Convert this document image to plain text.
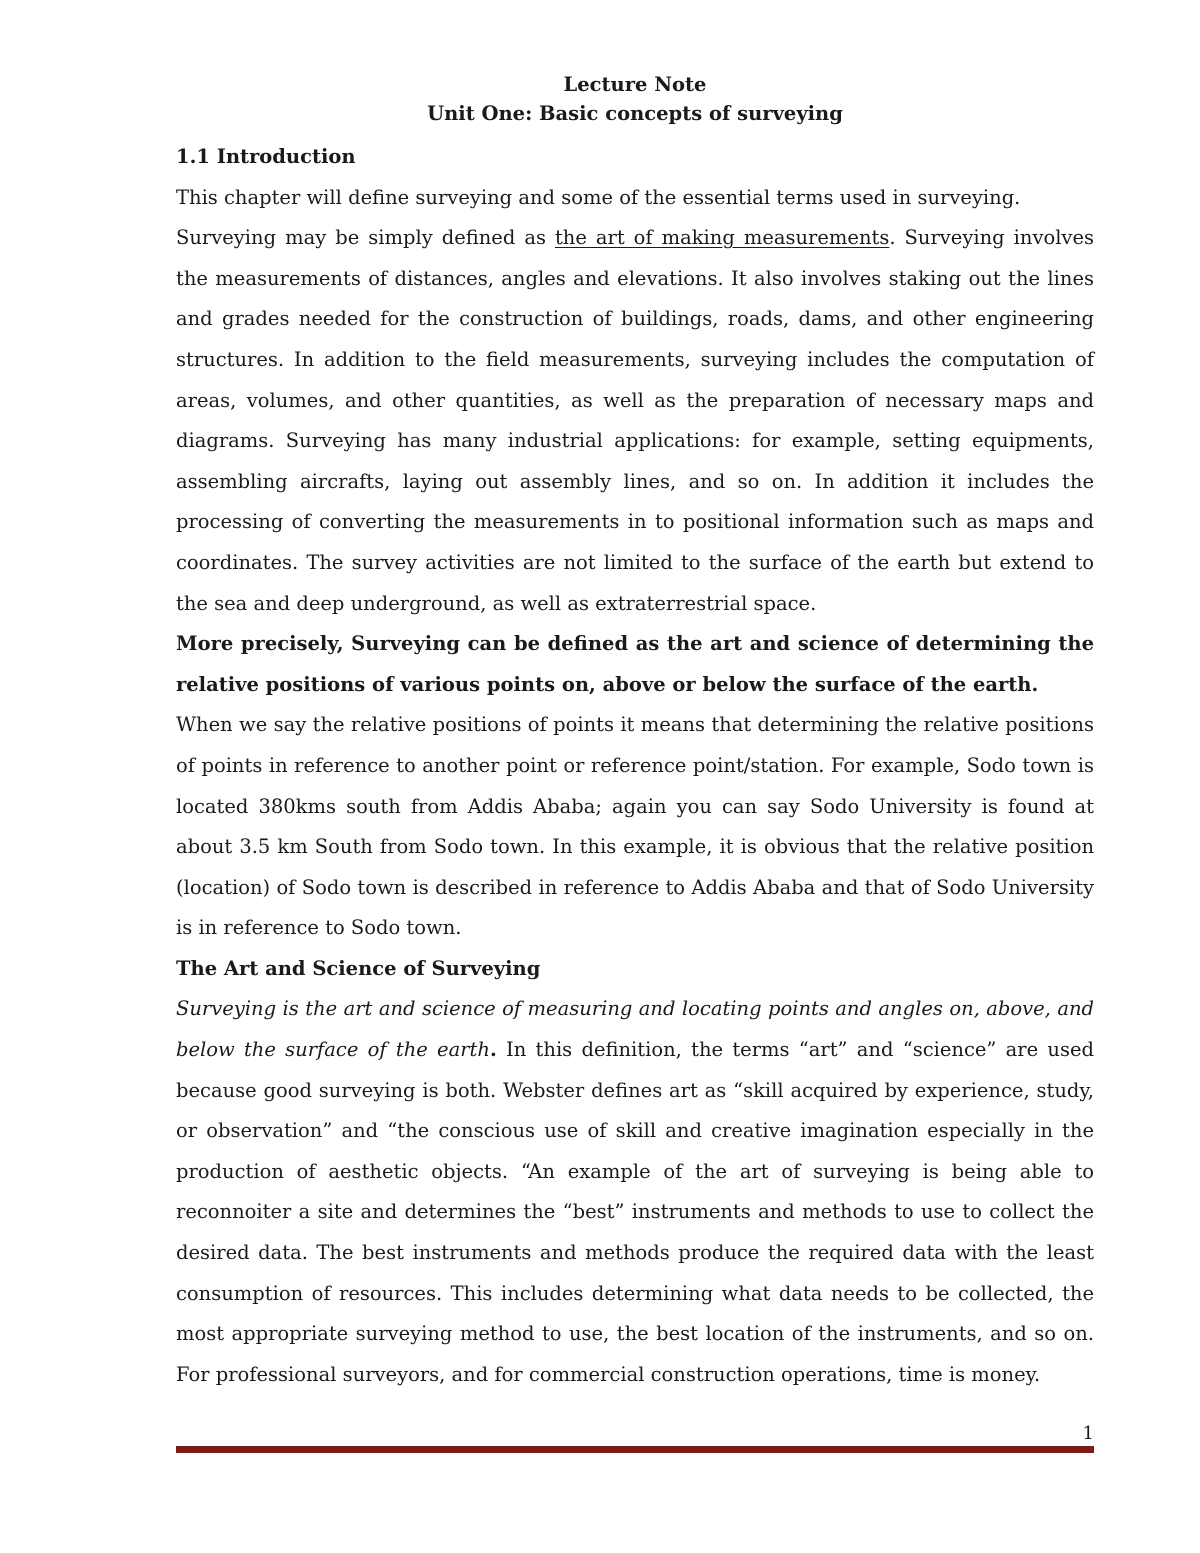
Lecture Note
Unit One: Basic concepts of surveying
1.1 Introduction

This chapter will define surveying and some of the essential terms used in surveying.

Surveying may be simply defined as the art of making measurements. Surveying involves the measurements of distances, angles and elevations. It also involves staking out the lines and grades needed for the construction of buildings, roads, dams, and other engineering structures. In addition to the field measurements, surveying includes the computation of areas, volumes, and other quantities, as well as the preparation of necessary maps and diagrams. Surveying has many industrial applications: for example, setting equipments, assembling aircrafts, laying out assembly lines, and so on. In addition it includes the processing of converting the measurements in to positional information such as maps and coordinates. The survey activities are not limited to the surface of the earth but extend to the sea and deep underground, as well as extraterrestrial space.

More precisely, Surveying can be defined as the art and science of determining the relative positions of various points on, above or below the surface of the earth.

When we say the relative positions of points it means that determining the relative positions of points in reference to another point or reference point/station. For example, Sodo town is located 380kms south from Addis Ababa; again you can say Sodo University is found at about 3.5 km South from Sodo town. In this example, it is obvious that the relative position (location) of Sodo town is described in reference to Addis Ababa and that of Sodo University is in reference to Sodo town.

The Art and Science of Surveying

Surveying is the art and science of measuring and locating points and angles on, above, and below the surface of the earth. In this definition, the terms “art” and “science” are used because good surveying is both. Webster defines art as “skill acquired by experience, study, or observation” and “the conscious use of skill and creative imagination especially in the production of aesthetic objects. “An example of the art of surveying is being able to reconnoiter a site and determines the “best” instruments and methods to use to collect the desired data. The best instruments and methods produce the required data with the least consumption of resources. This includes determining what data needs to be collected, the most appropriate surveying method to use, the best location of the instruments, and so on. For professional surveyors, and for commercial construction operations, time is money.

1
